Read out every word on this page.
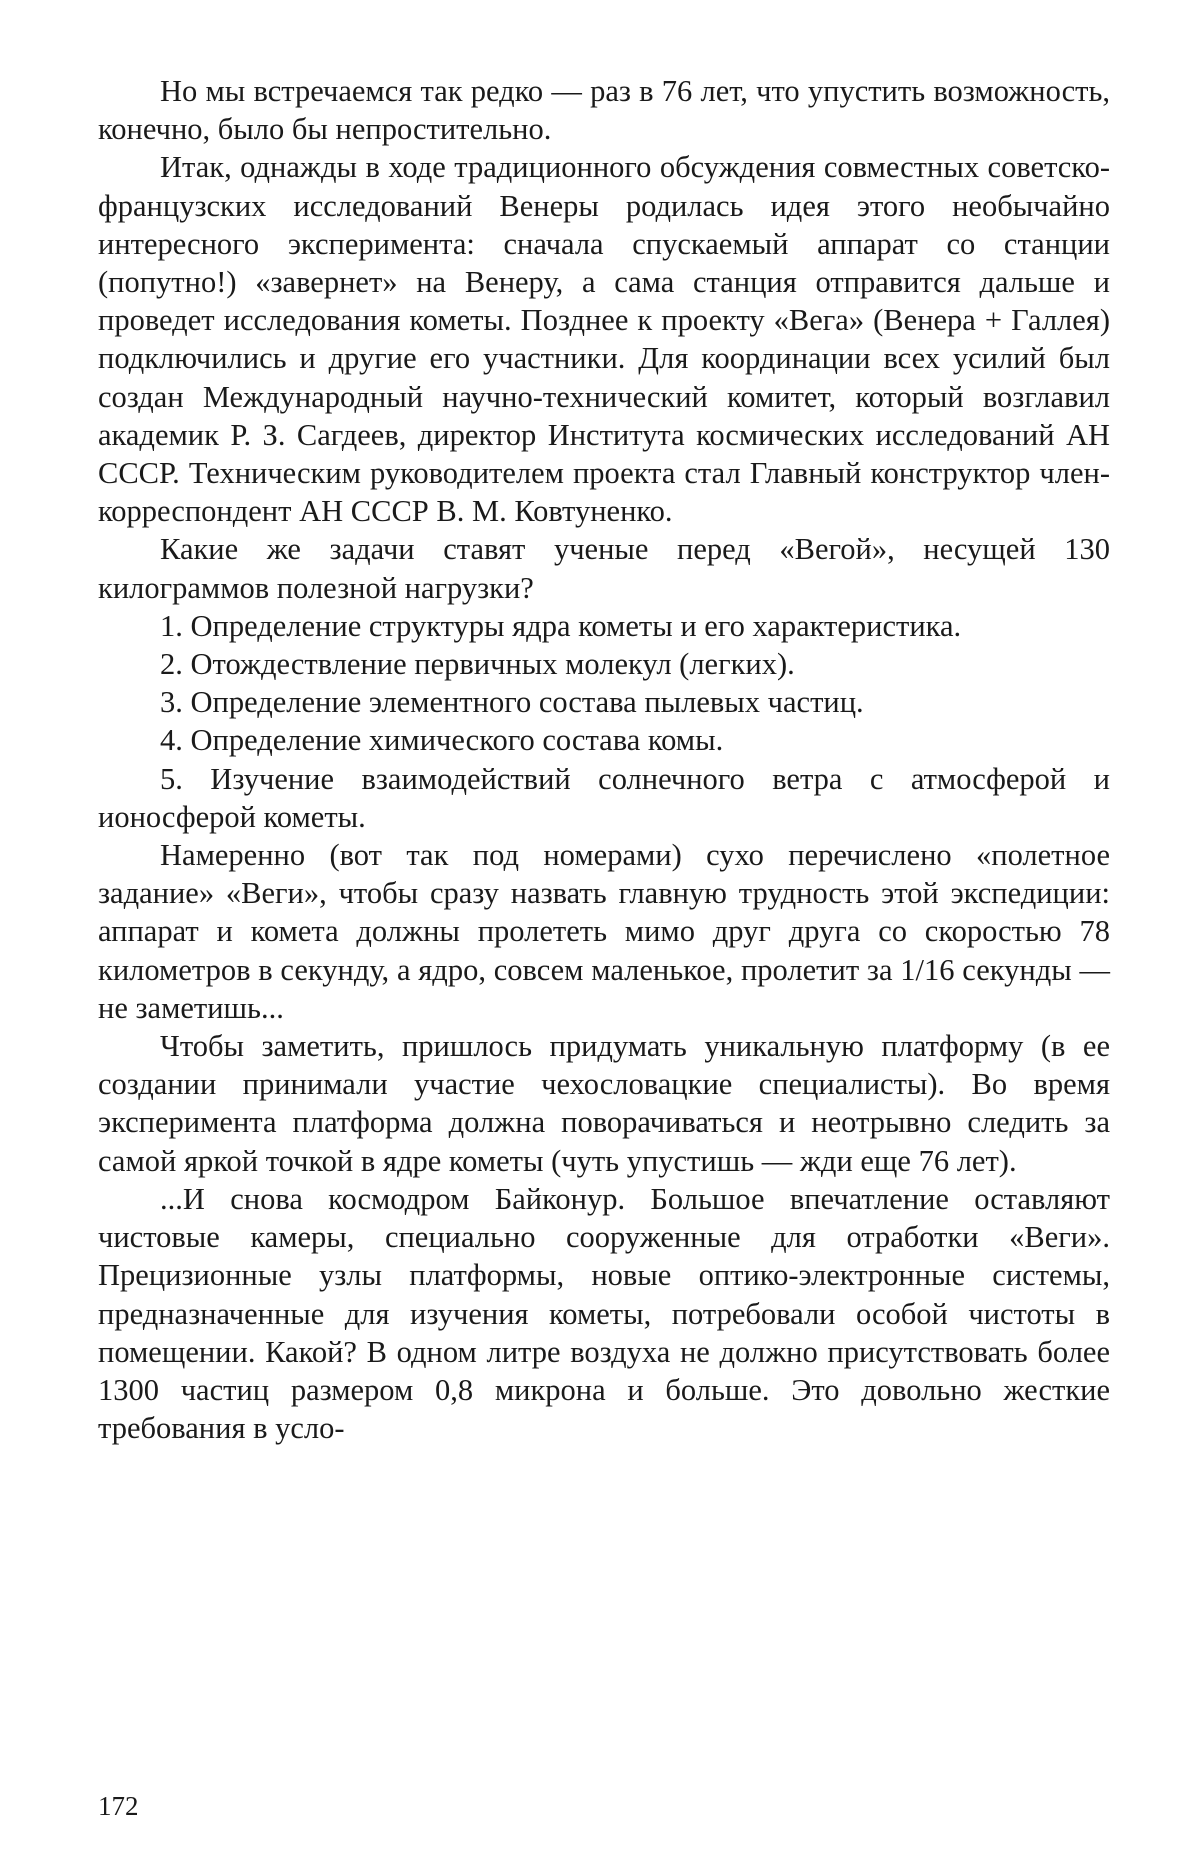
Но мы встречаемся так редко — раз в 76 лет, что упустить возможность, конечно, было бы непростительно.

Итак, однажды в ходе традиционного обсуждения совместных советско-французских исследований Венеры родилась идея этого необычайно интересного эксперимента: сначала спускаемый аппарат со станции (попутно!) «завернет» на Венеру, а сама станция отправится дальше и проведет исследования кометы. Позднее к проекту «Вега» (Венера + Галлея) подключились и другие его участники. Для координации всех усилий был создан Международный научно-технический комитет, который возглавил академик Р. З. Сагдеев, директор Института космических исследований АН СССР. Техническим руководителем проекта стал Главный конструктор член-корреспондент АН СССР В. М. Ковтуненко.

Какие же задачи ставят ученые перед «Вегой», несущей 130 килограммов полезной нагрузки?

1. Определение структуры ядра кометы и его характеристика.

2. Отождествление первичных молекул (легких).

3. Определение элементного состава пылевых частиц.

4. Определение химического состава комы.

5. Изучение взаимодействий солнечного ветра с атмосферой и ионосферой кометы.

Намеренно (вот так под номерами) сухо перечислено «полетное задание» «Веги», чтобы сразу назвать главную трудность этой экспедиции: аппарат и комета должны пролететь мимо друг друга со скоростью 78 километров в секунду, а ядро, совсем маленькое, пролетит за 1/16 секунды — не заметишь...

Чтобы заметить, пришлось придумать уникальную платформу (в ее создании принимали участие чехословацкие специалисты). Во время эксперимента платформа должна поворачиваться и неотрывно следить за самой яркой точкой в ядре кометы (чуть упустишь — жди еще 76 лет).

...И снова космодром Байконур. Большое впечатление оставляют чистовые камеры, специально сооруженные для отработки «Веги». Прецизионные узлы платформы, новые оптико-электронные системы, предназначенные для изучения кометы, потребовали особой чистоты в помещении. Какой? В одном литре воздуха не должно присутствовать более 1300 частиц размером 0,8 микрона и больше. Это довольно жесткие требования в усло-

172
